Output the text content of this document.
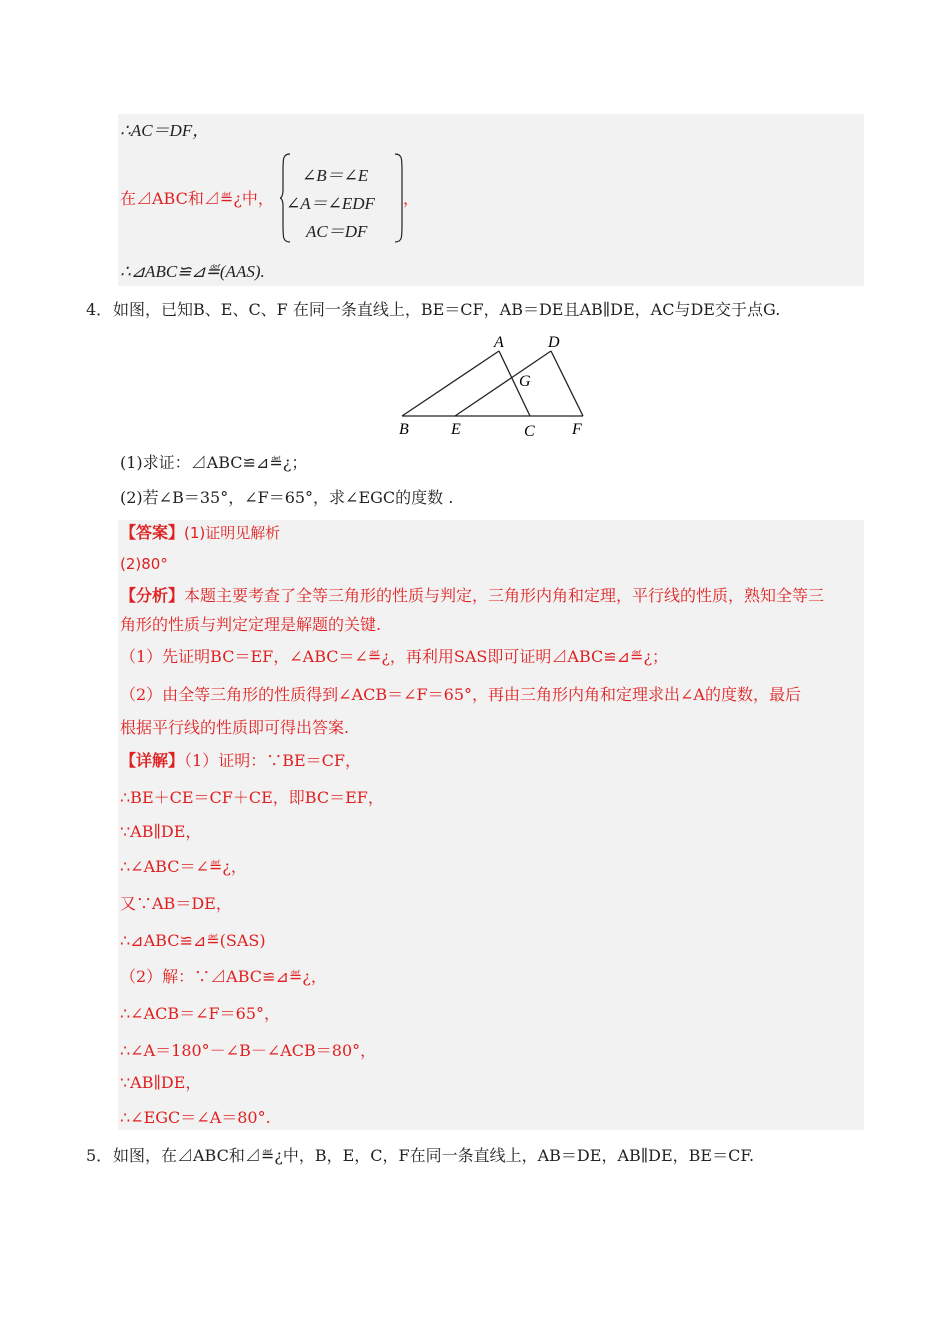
∴AC＝DF，
在⊿ABC和⊿≝¿中，
∠B＝∠E
∠A＝∠EDF
AC＝DF
，
∴⊿ABC≌⊿≝(AAS).
4． 如图，已知B、E、C、F 在同一条直线上，BE＝CF，AB＝DE且AB∥DE，AC与DE交于点G.
A	D
G
B	E	C F
(1)求证：⊿ABC≌⊿≝¿；
(2)若∠B＝35°，∠F＝65°，求∠EGC的度数 .
【答案】(1)证明见解析
(2)80°
【分析】本题主要考查了全等三角形的性质与判定，三角形内角和定理，平行线的性质，熟知全等三
角形的性质与判定定理是解题的关键.
（1）先证明BC＝EF，∠ABC＝∠≝¿，再利用SAS即可证明⊿ABC≌⊿≝¿；
（2）由全等三角形的性质得到∠ACB＝∠F＝65°，再由三角形内角和定理求出∠A的度数，最后
根据平行线的性质即可得出答案.
【详解】（1）证明：∵BE＝CF，
∴BE＋CE＝CF＋CE，即BC＝EF，
∵AB∥DE，
∴∠ABC＝∠≝¿，
又∵AB＝DE，
∴⊿ABC≌⊿≝(SAS)
（2）解：∵⊿ABC≌⊿≝¿，
∴∠ACB＝∠F＝65°，
∴∠A＝180°－∠B－∠ACB＝80°，
∵AB∥DE，
∴∠EGC＝∠A＝80°.
5． 如图，在⊿ABC和⊿≝¿中，B，E，C，F在同一条直线上，AB＝DE，AB∥DE，BE＝CF.
